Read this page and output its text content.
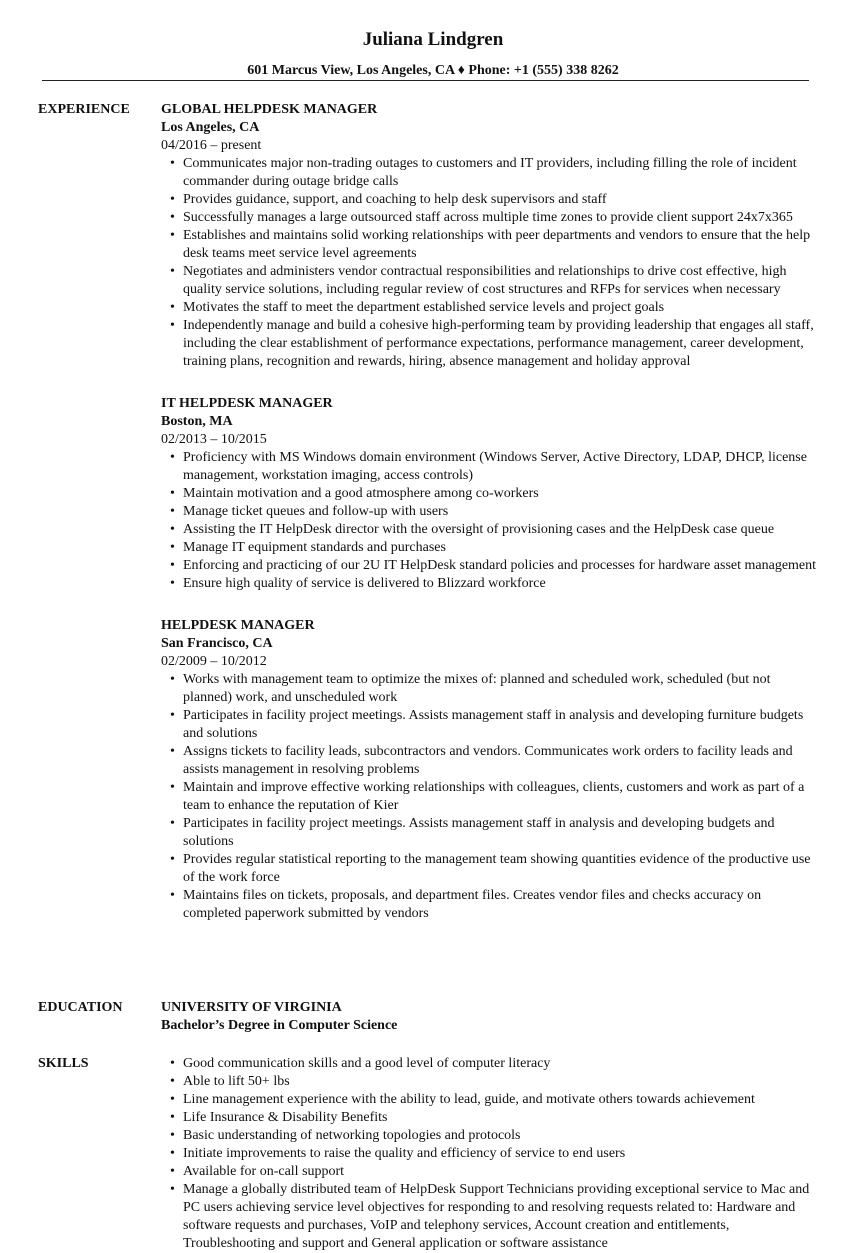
Juliana Lindgren
601 Marcus View, Los Angeles, CA ♦ Phone: +1 (555) 338 8262
EXPERIENCE GLOBAL HELPDESK MANAGER
Los Angeles, CA
04/2016 – present
• Communicates major non-trading outages to customers and IT providers, including filling the role of incident commander during outage bridge calls
• Provides guidance, support, and coaching to help desk supervisors and staff
• Successfully manages a large outsourced staff across multiple time zones to provide client support 24x7x365
• Establishes and maintains solid working relationships with peer departments and vendors to ensure that the help desk teams meet service level agreements
• Negotiates and administers vendor contractual responsibilities and relationships to drive cost effective, high quality service solutions, including regular review of cost structures and RFPs for services when necessary
• Motivates the staff to meet the department established service levels and project goals
• Independently manage and build a cohesive high-performing team by providing leadership that engages all staff, including the clear establishment of performance expectations, performance management, career development, training plans, recognition and rewards, hiring, absence management and holiday approval
IT HELPDESK MANAGER
Boston, MA
02/2013 – 10/2015
• Proficiency with MS Windows domain environment (Windows Server, Active Directory, LDAP, DHCP, license management, workstation imaging, access controls)
• Maintain motivation and a good atmosphere among co-workers
• Manage ticket queues and follow-up with users
• Assisting the IT HelpDesk director with the oversight of provisioning cases and the HelpDesk case queue
• Manage IT equipment standards and purchases
• Enforcing and practicing of our 2U IT HelpDesk standard policies and processes for hardware asset management
• Ensure high quality of service is delivered to Blizzard workforce
HELPDESK MANAGER
San Francisco, CA
02/2009 – 10/2012
• Works with management team to optimize the mixes of: planned and scheduled work, scheduled (but not planned) work, and unscheduled work
• Participates in facility project meetings. Assists management staff in analysis and developing furniture budgets and solutions
• Assigns tickets to facility leads, subcontractors and vendors. Communicates work orders to facility leads and assists management in resolving problems
• Maintain and improve effective working relationships with colleagues, clients, customers and work as part of a team to enhance the reputation of Kier
• Participates in facility project meetings. Assists management staff in analysis and developing budgets and solutions
• Provides regular statistical reporting to the management team showing quantities evidence of the productive use of the work force
• Maintains files on tickets, proposals, and department files. Creates vendor files and checks accuracy on completed paperwork submitted by vendors
EDUCATION	UNIVERSITY OF VIRGINIA
Bachelor’s Degree in Computer Science
SKILLS
•	Good communication skills and a good level of computer literacy
• Able to lift 50+ lbs
• Line management experience with the ability to lead, guide, and motivate others towards achievement
• Life Insurance & Disability Benefits
• Basic understanding of networking topologies and protocols
• Initiate improvements to raise the quality and efficiency of service to end users
• Available for on-call support
• Manage a globally distributed team of HelpDesk Support Technicians providing exceptional service to Mac and PC users achieving service level objectives for responding to and resolving requests related to: Hardware and software requests and purchases, VoIP and telephony services, Account creation and entitlements, Troubleshooting and support and General application or software assistance
